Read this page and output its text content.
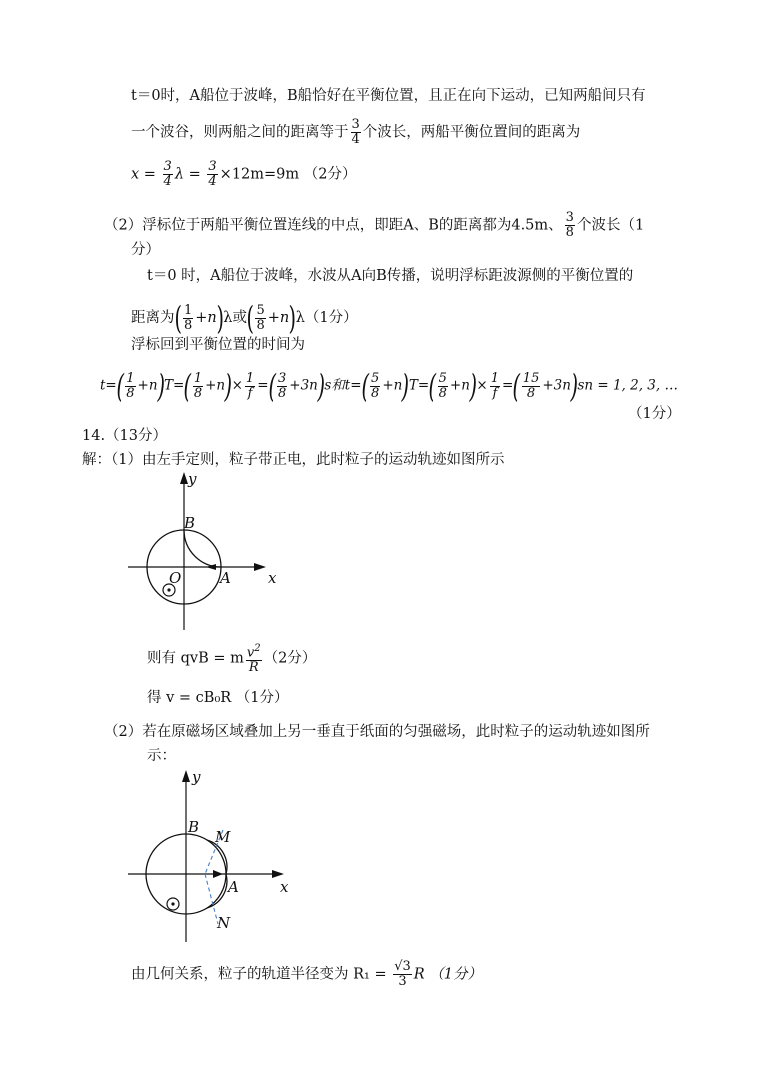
t＝0时，A船位于波峰，B船恰好在平衡位置，且正在向下运动，已知两船间只有
一个波谷，则两船之间的距离等于 $\frac{3}{4}$ 个波长，两船平衡位置间的距离为
$x = \frac{3}{4}$ $\lambda = \frac{3}{4} \times 12m=9m$ （2分）
（2）浮标位于两船平衡位置连线的中点，即距A、B的距离都为4.5m、 $\frac{3}{8}$ 个波长（1
分）
t＝0 时，A船位于波峰，水波从A向B传播，说明浮标距波源侧的平衡位置的
距离为( $\frac{1}{8} +n)\lambda$或( $\frac{5}{8} +n)\lambda(1$分）
浮标回到平衡位置的时间为
$t=( \frac{1}{8} +n)T=( \frac{1}{8} +n)\times \frac{1}{f}$ =( $\frac{3}{8} +3n)s$和$t=( \frac{5}{8} +n)T=( \frac{5}{8} +n)\times \frac{1}{f}$ =( $\frac{15}{8} +3n)sn = 1$, 2, 3, …
（1分）
14.（13分）
解：（1）由左手定则，粒子带正电，此时粒子的运动轨迹如图所示
y
x
B
O	A
则有 qvB = m $\frac{v^2}{R} (2$分）
得 v = cB₀R （1分）
（2）若在原磁场区域叠加上另一垂直于纸面的匀强磁场，此时粒子的运动轨迹如图所
示：
y
x
B
M
A
N
由几何关系，粒子的轨道半径变为 $R_1 = \frac{√3}{3}$ R （1分）
